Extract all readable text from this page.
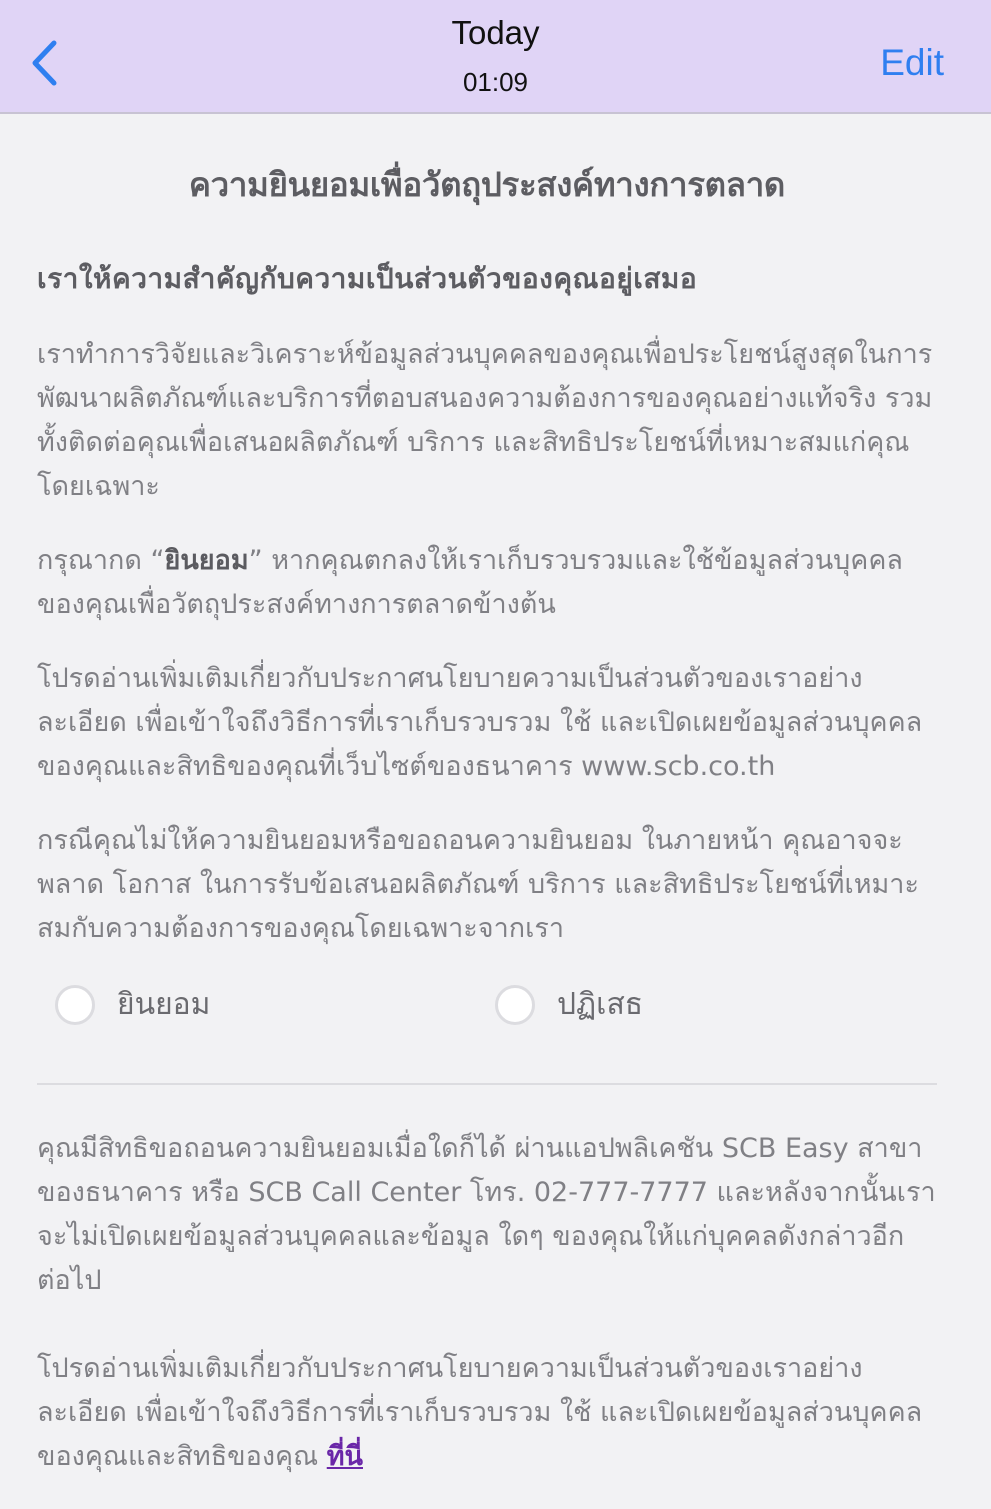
Today
01:09	Edit
ความยินยอมเพื่อวัตถุประสงค์ทางการตลาด
เราให้ความสำคัญกับความเป็นส่วนตัวของคุณอยู่เสมอ

เราทำการวิจัยและวิเคราะห์ข้อมูลส่วนบุคคลของคุณเพื่อประโยชน์สูงสุดในการพัฒนาผลิตภัณฑ์และบริการที่ตอบสนองความต้องการของคุณอย่างแท้จริง รวมทั้งติดต่อคุณเพื่อเสนอผลิตภัณฑ์ บริการ และสิทธิประโยชน์ที่เหมาะสมแก่คุณโดยเฉพาะ

กรุณากด “ยินยอม” หากคุณตกลงให้เราเก็บรวบรวมและใช้ข้อมูลส่วนบุคคลของคุณเพื่อวัตถุประสงค์ทางการตลาดข้างต้น

โปรดอ่านเพิ่มเติมเกี่ยวกับประกาศนโยบายความเป็นส่วนตัวของเราอย่างละเอียด เพื่อเข้าใจถึงวิธีการที่เราเก็บรวบรวม ใช้ และเปิดเผยข้อมูลส่วนบุคคลของคุณและสิทธิของคุณที่เว็บไซต์ของธนาคาร www.scb.co.th

กรณีคุณไม่ให้ความยินยอมหรือขอถอนความยินยอม ในภายหน้า คุณอาจจะพลาด โอกาส ในการรับข้อเสนอผลิตภัณฑ์ บริการ และสิทธิประโยชน์ที่เหมาะสมกับความต้องการของคุณโดยเฉพาะจากเรา

ยินยอม	ปฏิเสธ

คุณมีสิทธิขอถอนความยินยอมเมื่อใดก็ได้ ผ่านแอปพลิเคชัน SCB Easy สาขาของธนาคาร หรือ SCB Call Center โทร. 02-777-7777 และหลังจากนั้นเราจะไม่เปิดเผยข้อมูลส่วนบุคคลและข้อมูล ใดๆ ของคุณให้แก่บุคคลดังกล่าวอีกต่อไป

โปรดอ่านเพิ่มเติมเกี่ยวกับประกาศนโยบายความเป็นส่วนตัวของเราอย่างละเอียด เพื่อเข้าใจถึงวิธีการที่เราเก็บรวบรวม ใช้ และเปิดเผยข้อมูลส่วนบุคคลของคุณและสิทธิของคุณ ที่นี่
